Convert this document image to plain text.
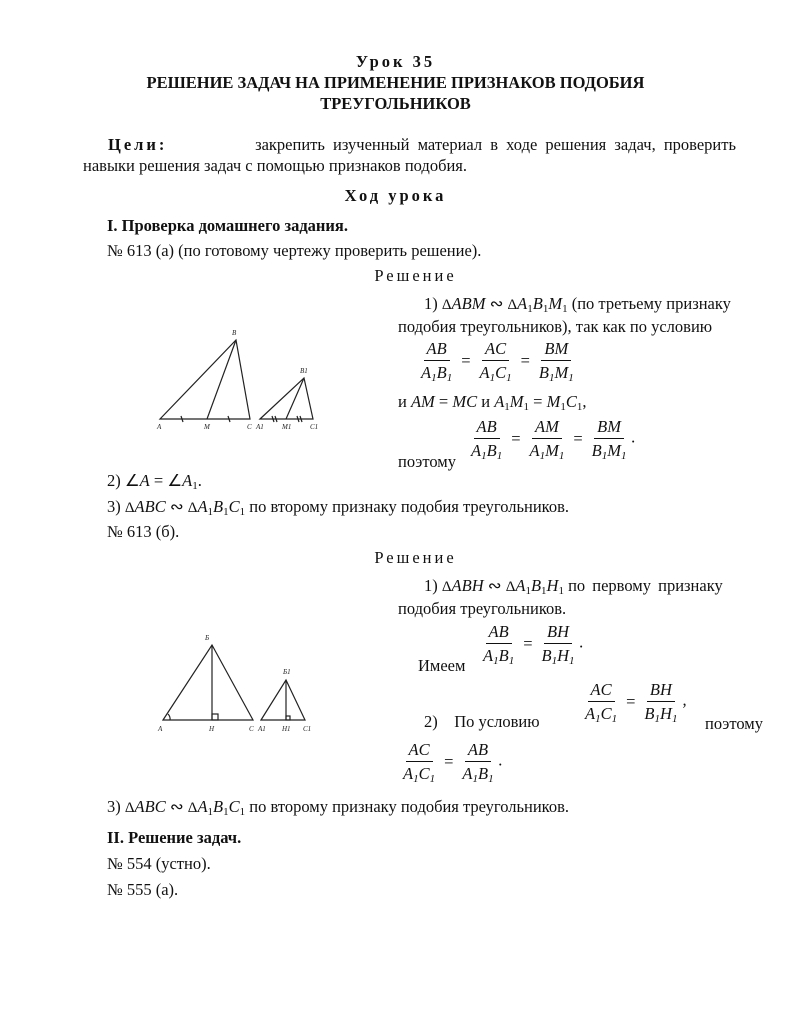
Урок 35
РЕШЕНИЕ ЗАДАЧ НА ПРИМЕНЕНИЕ ПРИЗНАКОВ ПОДОБИЯ
ТРЕУГОЛЬНИКОВ
Цели:	закрепить изученный материал в ходе решения задач, проверить
навыки решения задач с помощью признаков подобия.
Ход урока
I. Проверка домашнего задания.
№ 613 (а) (по готовому чертежу проверить решение).
Решение
1) ΔABM ∾ $\Delta A_1B_1M_1$ (по третьему признаку
подобия треугольников), так как по условию
$\frac{AB}{A_1B_1} = \frac{AC}{A_1C_1} = \frac{BM}{B_1M_1}$
и AM = MC и $A_1M_1 = M_1C_1$,
$\frac{AB}{A_1B_1} = \frac{AM}{A_1M_1} = \frac{BM}{B_1M_1}$ .
поэтому
B
A	M	C
B1
A1	M1	C1
2) ∠A = $\angle A_1$.
3) ΔABC ∾ $\Delta A_1B_1C_1$ по второму признаку подобия треугольников.
№ 613 (б).
Решение
1) ΔABH ∾ $\Delta A_1B_1H_1$ по первому признаку
подобия треугольников.
$\frac{AB}{A_1B_1} = \frac{BH}{B_1H_1}$ .
Имеем
2) По условию	$\frac{AC}{A_1C_1} = \frac{BH}{B_1H_1}$ ,
поэтому
$\frac{AC}{A_1C_1} = \frac{AB}{A_1B_1}$ .
Б
А	Н	С
Б1
А1 Н1 С1
3) ΔABC ∾ $\Delta A_1B_1C_1$ по второму признаку подобия треугольников.
II. Решение задач.
№ 554 (устно).
№ 555 (а).
